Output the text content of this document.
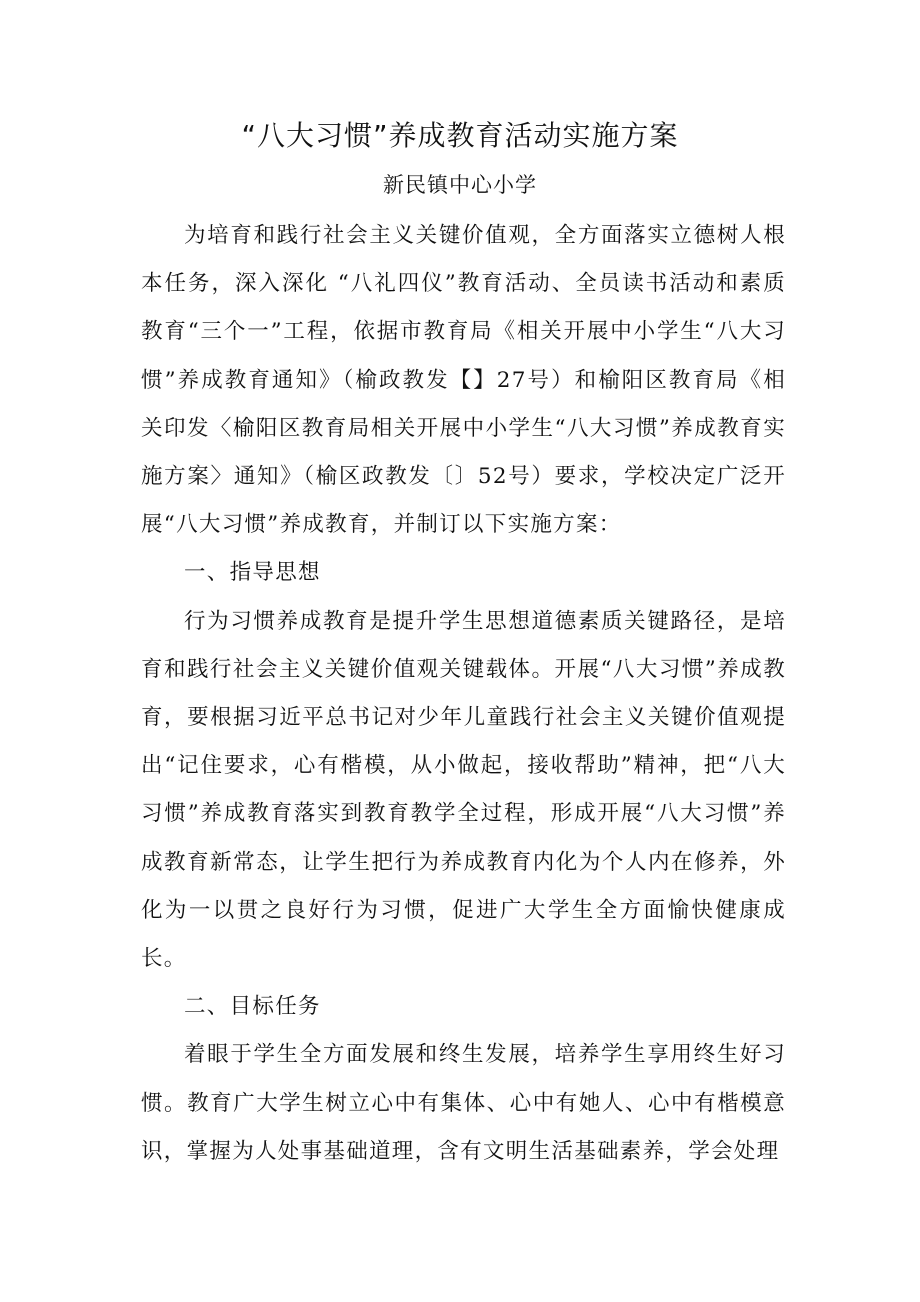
“八大习惯”养成教育活动实施方案

新民镇中心小学

为培育和践行社会主义关键价值观，全方面落实立德树人根本任务，深入深化 “八礼四仪”教育活动、全员读书活动和素质教育“三个一”工程，依据市教育局《相关开展中小学生“八大习惯”养成教育通知》（榆政教发【】27号）和榆阳区教育局《相关印发〈榆阳区教育局相关开展中小学生“八大习惯”养成教育实施方案〉通知》（榆区政教发〔〕52号）要求，学校决定广泛开展“八大习惯”养成教育，并制订以下实施方案：

一、指导思想

行为习惯养成教育是提升学生思想道德素质关键路径，是培育和践行社会主义关键价值观关键载体。开展“八大习惯”养成教育，要根据习近平总书记对少年儿童践行社会主义关键价值观提出“记住要求，心有楷模，从小做起，接收帮助”精神，把“八大习惯”养成教育落实到教育教学全过程，形成开展“八大习惯”养成教育新常态，让学生把行为养成教育内化为个人内在修养，外化为一以贯之良好行为习惯，促进广大学生全方面愉快健康成长。

二、目标任务

着眼于学生全方面发展和终生发展，培养学生享用终生好习惯。教育广大学生树立心中有集体、心中有她人、心中有楷模意识，掌握为人处事基础道理，含有文明生活基础素养，学会处理
